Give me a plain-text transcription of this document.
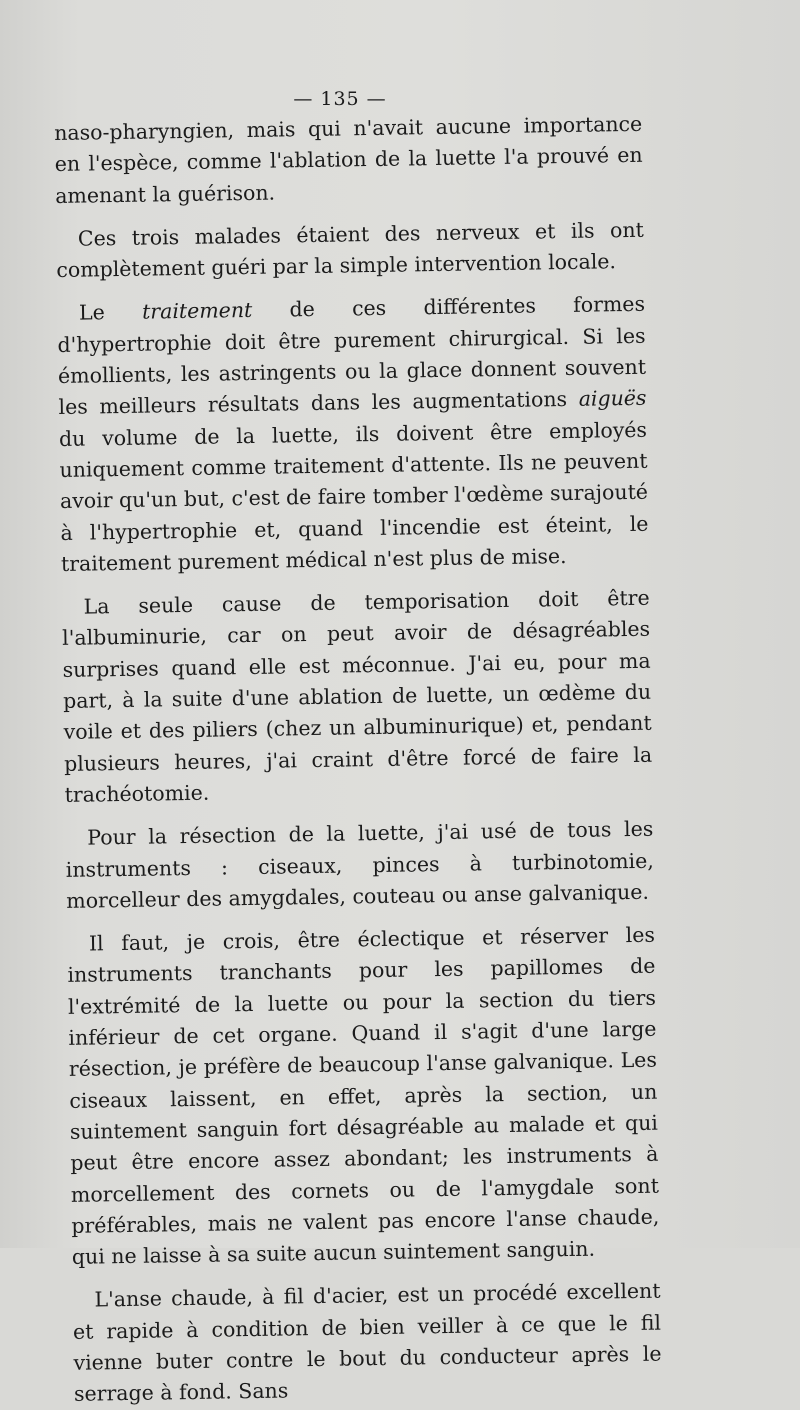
— 135 —

naso-pharyngien, mais qui n'avait aucune importance en l'espèce, comme l'ablation de la luette l'a prouvé en amenant la guérison.

Ces trois malades étaient des nerveux et ils ont complètement guéri par la simple intervention locale.

Le traitement de ces différentes formes d'hypertrophie doit être purement chirurgical. Si les émollients, les astringents ou la glace donnent souvent les meilleurs résultats dans les augmentations aiguës du volume de la luette, ils doivent être employés uniquement comme traitement d'attente. Ils ne peuvent avoir qu'un but, c'est de faire tomber l'œdème surajouté à l'hypertrophie et, quand l'incendie est éteint, le traitement purement médical n'est plus de mise.

La seule cause de temporisation doit être l'albuminurie, car on peut avoir de désagréables surprises quand elle est méconnue. J'ai eu, pour ma part, à la suite d'une ablation de luette, un œdème du voile et des piliers (chez un albuminurique) et, pendant plusieurs heures, j'ai craint d'être forcé de faire la trachéotomie.

Pour la résection de la luette, j'ai usé de tous les instruments : ciseaux, pinces à turbinotomie, morcelleur des amygdales, couteau ou anse galvanique.

Il faut, je crois, être éclectique et réserver les instruments tranchants pour les papillomes de l'extrémité de la luette ou pour la section du tiers inférieur de cet organe. Quand il s'agit d'une large résection, je préfère de beaucoup l'anse galvanique. Les ciseaux laissent, en effet, après la section, un suintement sanguin fort désagréable au malade et qui peut être encore assez abondant; les instruments à morcellement des cornets ou de l'amygdale sont préférables, mais ne valent pas encore l'anse chaude, qui ne laisse à sa suite aucun suintement sanguin.

L'anse chaude, à fil d'acier, est un procédé excellent et rapide à condition de bien veiller à ce que le fil vienne buter contre le bout du conducteur après le serrage à fond. Sans
